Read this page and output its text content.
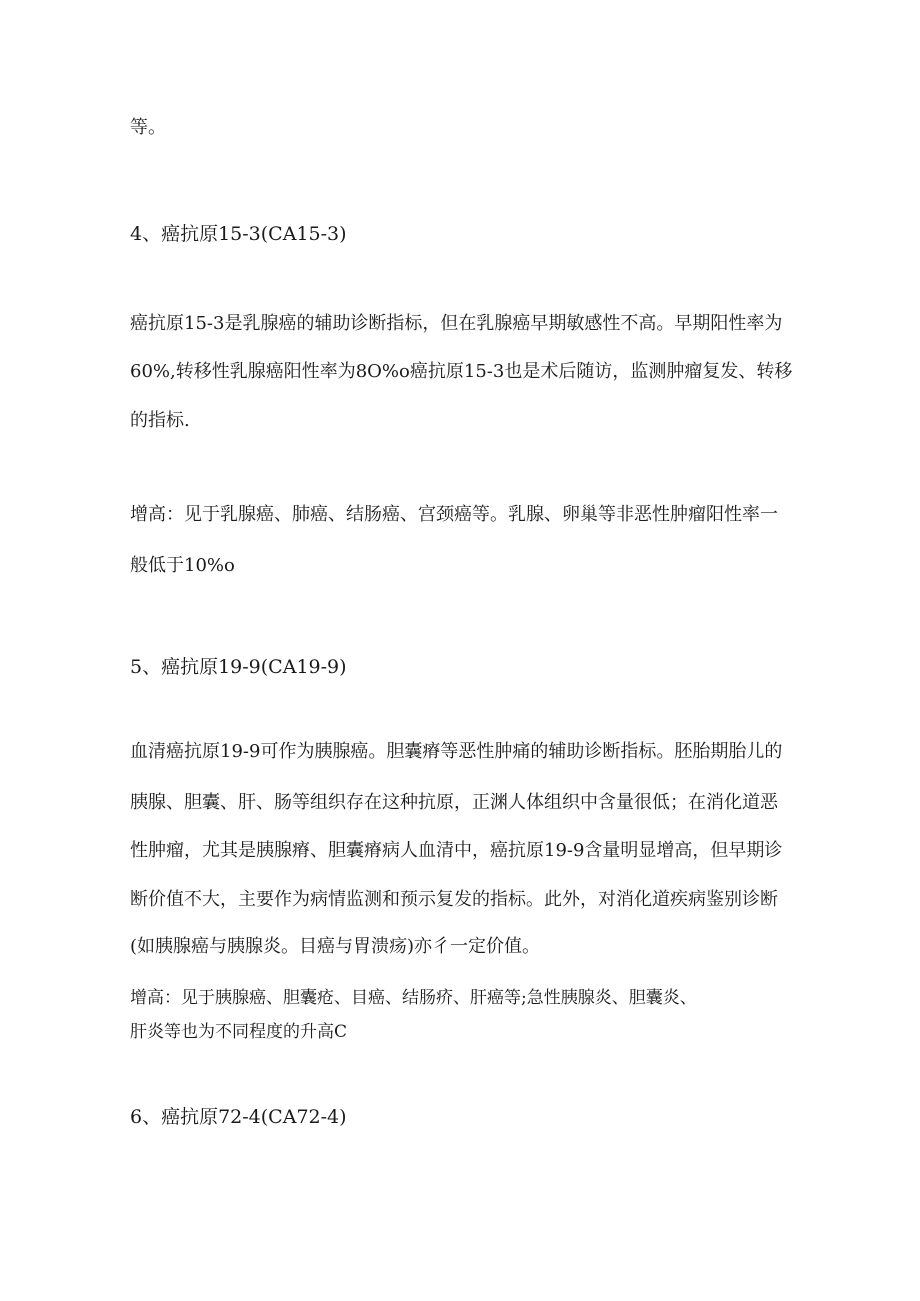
等。
4、癌抗原15-3(CA15-3)
癌抗原15-3是乳腺癌的辅助诊断指标，但在乳腺癌早期敏感性不高。早期阳性率为
60%,转移性乳腺癌阳性率为8O%o癌抗原15-3也是术后随访，监测肿瘤复发、转移
的指标.
增高：见于乳腺癌、肺癌、结肠癌、宫颈癌等。乳腺、卵巢等非恶性肿瘤阳性率一
般低于10%o
5、癌抗原19-9(CA19-9)
血清癌抗原19-9可作为胰腺癌。胆囊瘠等恶性肿痛的辅助诊断指标。胚胎期胎儿的
胰腺、胆囊、肝、肠等组织存在这种抗原，正渊人体组织中含量很低；在消化道恶
性肿瘤，尤其是胰腺瘠、胆囊瘠病人血清中，癌抗原19-9含量明显增高，但早期诊
断价值不大，主要作为病情监测和预示复发的指标。此外，对消化道疾病鉴别诊断
(如胰腺癌与胰腺炎。目癌与胃溃疡)亦彳一定价值。
增高：见于胰腺癌、胆囊疮、目癌、结肠疥、肝癌等;急性胰腺炎、胆囊炎、
肝炎等也为不同程度的升高C
6、癌抗原72-4(CA72-4)
